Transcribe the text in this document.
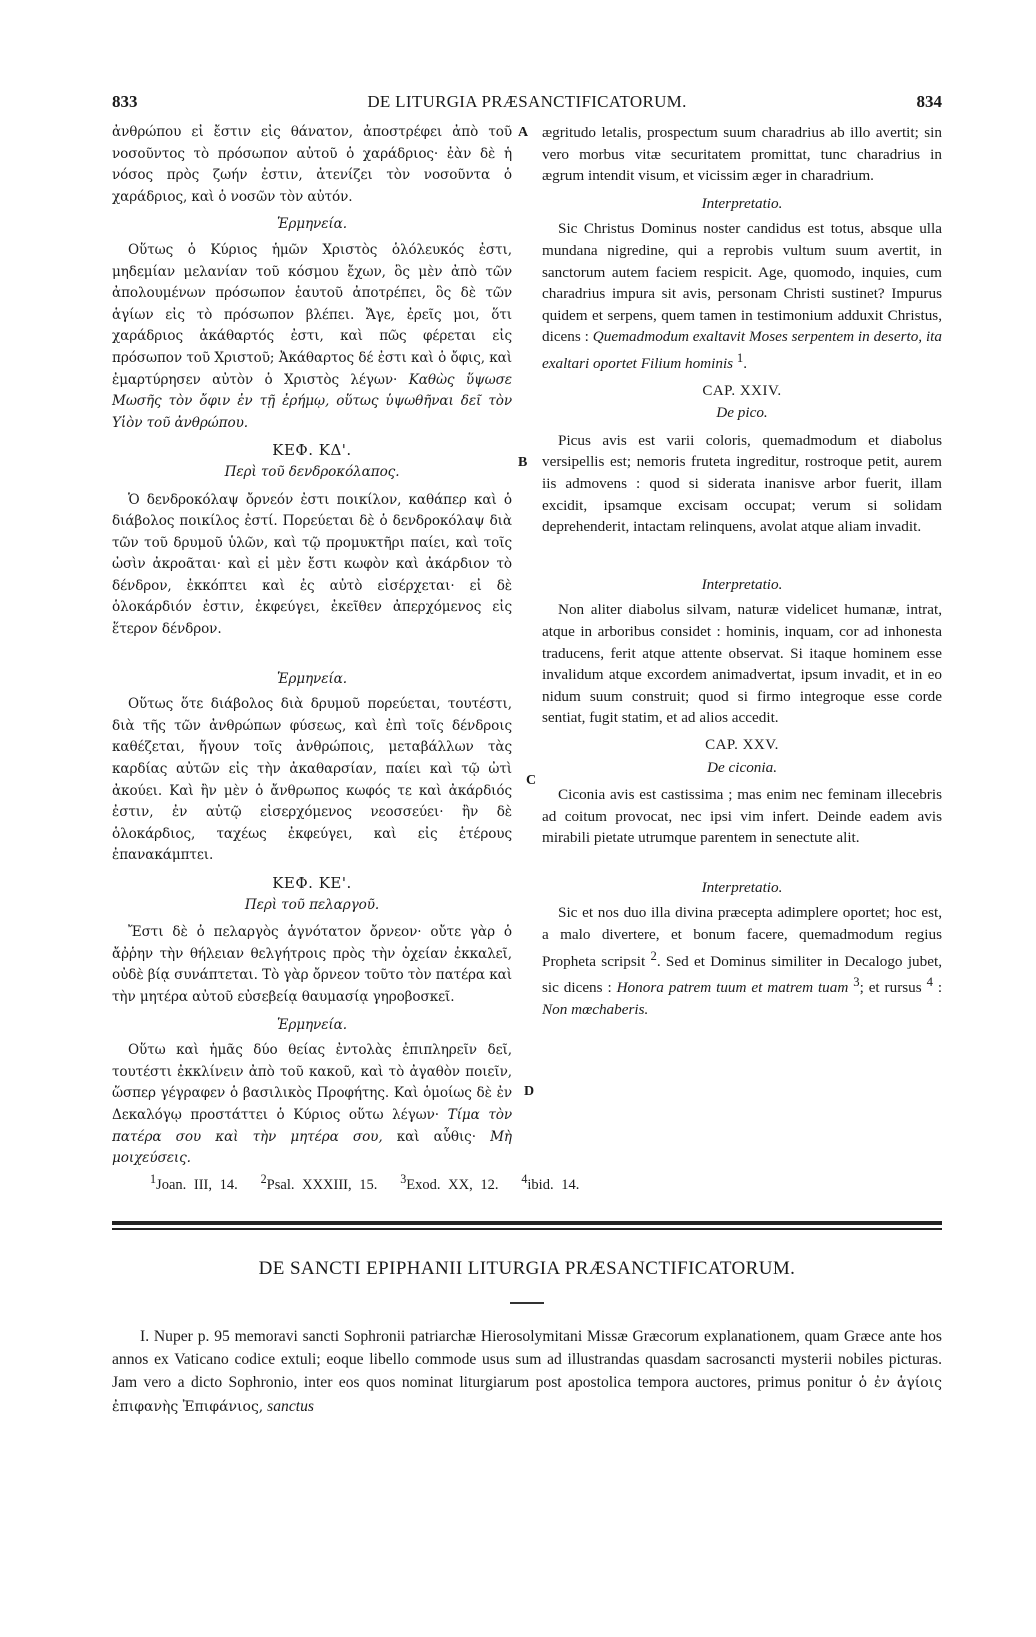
833	DE LITURGIA PRÆSANCTIFICATORUM.	834
A
B
C
D

ἀνθρώπου εἰ ἔστιν εἰς θάνατον, ἀποστρέφει ἀπὸ τοῦ νοσοῦντος τὸ πρόσωπον αὐτοῦ ὁ χαράδριος· ἐὰν δὲ ἡ νόσος πρὸς ζωήν ἐστιν, ἀτενίζει τὸν νοσοῦντα ὁ χαράδριος, καὶ ὁ νοσῶν τὸν αὐτόν.

Ἑρμηνεία.

Οὕτως ὁ Κύριος ἡμῶν Χριστὸς ὁλόλευκός ἐστι, μηδεμίαν μελανίαν τοῦ κόσμου ἔχων, ὃς μὲν ἀπὸ τῶν ἀπολουμένων πρόσωπον ἑαυτοῦ ἀποτρέπει, ὃς δὲ τῶν ἁγίων εἰς τὸ πρόσωπον βλέπει. Ἄγε, ἐρεῖς μοι, ὅτι χαράδριος ἀκάθαρτός ἐστι, καὶ πῶς φέρεται εἰς πρόσωπον τοῦ Χριστοῦ; Ἀκάθαρτος δέ ἐστι καὶ ὁ ὄφις, καὶ ἐμαρτύρησεν αὐτὸν ὁ Χριστὸς λέγων· Καθὼς ὕψωσε Μωσῆς τὸν ὄφιν ἐν τῇ ἐρήμῳ, οὕτως ὑψωθῆναι δεῖ τὸν Υἱὸν τοῦ ἀνθρώπου.

ΚΕΦ. ΚΔ'.
Περὶ τοῦ δενδροκόλαπος.

Ὁ δενδροκόλαψ ὄρνεόν ἐστι ποικίλον, καθάπερ καὶ ὁ διάβολος ποικίλος ἐστί. Πορεύεται δὲ ὁ δενδροκόλαψ διὰ τῶν τοῦ δρυμοῦ ὑλῶν, καὶ τῷ προμυκτῆρι παίει, καὶ τοῖς ὠσὶν ἀκροᾶται· καὶ εἰ μὲν ἔστι κωφὸν καὶ ἀκάρδιον τὸ δένδρον, ἐκκόπτει καὶ ἐς αὐτὸ εἰσέρχεται· εἰ δὲ ὁλοκάρδιόν ἐστιν, ἐκφεύγει, ἐκεῖθεν ἀπερχόμενος εἰς ἕτερον δένδρον.

Ἑρμηνεία.

Οὕτως ὅτε διάβολος διὰ δρυμοῦ πορεύεται, τουτέστι, διὰ τῆς τῶν ἀνθρώπων φύσεως, καὶ ἐπὶ τοῖς δένδροις καθέζεται, ἤγουν τοῖς ἀνθρώποις, μεταβάλλων τὰς καρδίας αὐτῶν εἰς τὴν ἀκαθαρσίαν, παίει καὶ τῷ ὠτὶ ἀκούει. Καὶ ἢν μὲν ὁ ἄνθρωπος κωφός τε καὶ ἀκάρδιός ἐστιν, ἐν αὐτῷ εἰσερχόμενος νεοσσεύει· ἢν δὲ ὁλοκάρδιος, ταχέως ἐκφεύγει, καὶ εἰς ἑτέρους ἐπανακάμπτει.

ΚΕΦ. ΚΕ'.
Περὶ τοῦ πελαργοῦ.

Ἔστι δὲ ὁ πελαργὸς ἁγνότατον ὄρνεον· οὔτε γὰρ ὁ ἄῤῥην τὴν θήλειαν θελγήτροις πρὸς τὴν ὀχείαν ἐκκαλεῖ, οὐδὲ βίᾳ συνάπτεται. Τὸ γὰρ ὄρνεον τοῦτο τὸν πατέρα καὶ τὴν μητέρα αὐτοῦ εὐσεβείᾳ θαυμασίᾳ γηροβοσκεῖ.

Ἑρμηνεία.

Οὕτω καὶ ἡμᾶς δύο θείας ἐντολὰς ἐπιπληρεῖν δεῖ, τουτέστι ἐκκλίνειν ἀπὸ τοῦ κακοῦ, καὶ τὸ ἀγαθὸν ποιεῖν, ὥσπερ γέγραφεν ὁ βασιλικὸς Προφήτης. Καὶ ὁμοίως δὲ ἐν Δεκαλόγῳ προστάττει ὁ Κύριος οὕτω λέγων· Τίμα τὸν πατέρα σου καὶ τὴν μητέρα σου, καὶ αὖθις· Μὴ μοιχεύσεις.

ægritudo letalis, prospectum suum charadrius ab illo avertit; sin vero morbus vitæ securitatem promittat, tunc charadrius in ægrum intendit visum, et vicissim æger in charadrium.

Interpretatio.

Sic Christus Dominus noster candidus est totus, absque ulla mundana nigredine, qui a reprobis vultum suum avertit, in sanctorum autem faciem respicit. Age, quomodo, inquies, cum charadrius impura sit avis, personam Christi sustinet? Impurus quidem et serpens, quem tamen in testimonium adduxit Christus, dicens : Quemadmodum exaltavit Moses serpentem in deserto, ita exaltari oportet Filium hominis $^1$.

CAP. XXIV.
De pico.

Picus avis est varii coloris, quemadmodum et diabolus versipellis est; nemoris fruteta ingreditur, rostroque petit, aurem iis admovens : quod si siderata inanisve arbor fuerit, illam excidit, ipsamque excisam occupat; verum si solidam deprehenderit, intactam relinquens, avolat atque aliam invadit.

Interpretatio.

Non aliter diabolus silvam, naturæ videlicet humanæ, intrat, atque in arboribus considet : hominis, inquam, cor ad inhonesta traducens, ferit atque attente observat. Si itaque hominem esse invalidum atque excordem animadvertat, ipsum invadit, et in eo nidum suum construit; quod si firmo integroque esse corde sentiat, fugit statim, et ad alios accedit.

CAP. XXV.
De ciconia.

Ciconia avis est castissima ; mas enim nec feminam illecebris ad coitum provocat, nec ipsi vim infert. Deinde eadem avis mirabili pietate utrumque parentem in senectute alit.

Interpretatio.

Sic et nos duo illa divina præcepta adimplere oportet; hoc est, a malo divertere, et bonum facere, quemadmodum regius Propheta scripsit $^2$. Sed et Dominus similiter in Decalogo jubet, sic dicens : Honora patrem tuum et matrem tuam $^3$; et rursus $^4$ : Non mœchaberis.

$^1$Joan. III, 14. $^2$Psal. XXXIII, 15. $^3$Exod. XX, 12. $^4$ibid. 14.
DE SANCTI EPIPHANII LITURGIA PRÆSANCTIFICATORUM.
I. Nuper p. 95 memoravi sancti Sophronii patriarchæ Hierosolymitani Missæ Græcorum explanationem, quam Græce ante hos annos ex Vaticano codice extuli; eoque libello commode usus sum ad illustrandas quasdam sacrosancti mysterii nobiles picturas. Jam vero a dicto Sophronio, inter eos quos nominat liturgiarum post apostolica tempora auctores, primus ponitur ὁ ἐν ἁγίοις ἐπιφανὴς Ἐπιφάνιος, sanctus
